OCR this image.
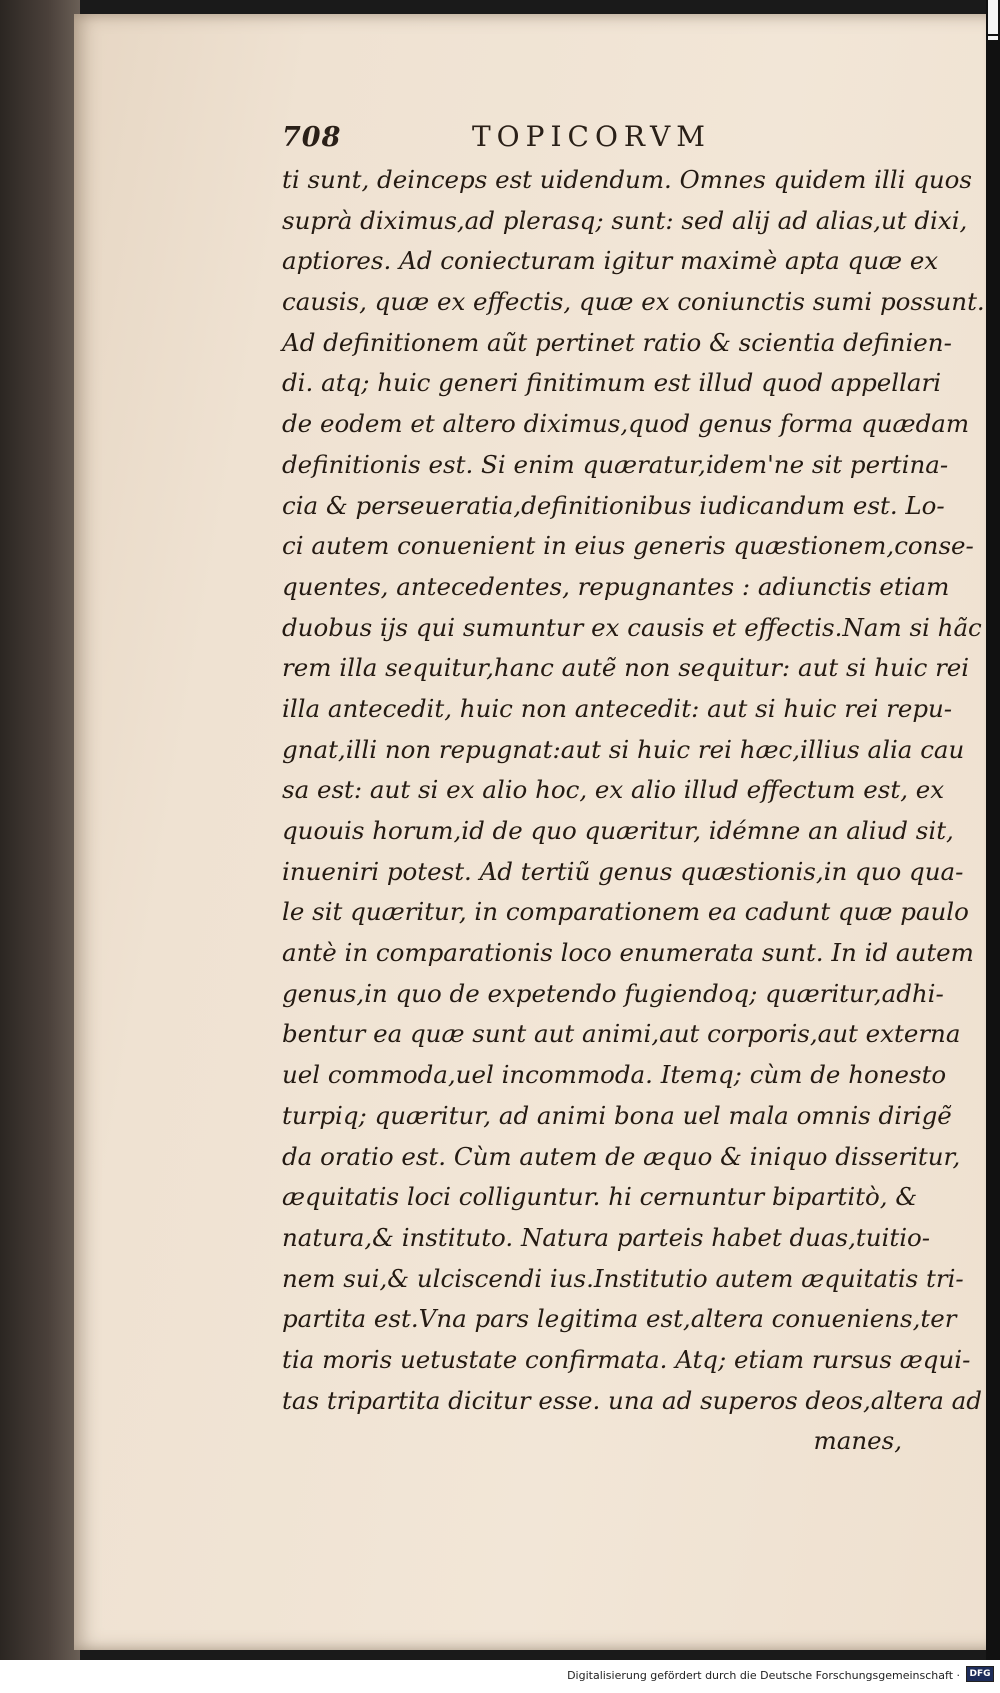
708	TOPICORVM
ti sunt, deinceps est uidendum. Omnes quidem illi quos
suprà diximus,ad plerasq; sunt: sed alij ad alias,ut dixi,
aptiores. Ad coniecturam igitur maximè apta quæ ex
causis, quæ ex effectis, quæ ex coniunctis sumi possunt.
Ad definitionem aũt pertinet ratio & scientia definien-
di. atq; huic generi finitimum est illud quod appellari
de eodem et altero diximus,quod genus forma quædam
definitionis est. Si enim quæratur,idem'ne sit pertina-
cia & perseueratia,definitionibus iudicandum est. Lo-
ci autem conuenient in eius generis quæstionem,conse-
quentes, antecedentes, repugnantes : adiunctis etiam
duobus ijs qui sumuntur ex causis et effectis.Nam si hãc
rem illa sequitur,hanc autẽ non sequitur: aut si huic rei
illa antecedit, huic non antecedit: aut si huic rei repu-
gnat,illi non repugnat:aut si huic rei hæc,illius alia cau
sa est: aut si ex alio hoc, ex alio illud effectum est, ex
quouis horum,id de quo quæritur, idémne an aliud sit,
inueniri potest. Ad tertiũ genus quæstionis,in quo qua-
le sit quæritur, in comparationem ea cadunt quæ paulo
antè in comparationis loco enumerata sunt. In id autem
genus,in quo de expetendo fugiendoq; quæritur,adhi-
bentur ea quæ sunt aut animi,aut corporis,aut externa
uel commoda,uel incommoda. Itemq; cùm de honesto
turpiq; quæritur, ad animi bona uel mala omnis dirigẽ
da oratio est. Cùm autem de æquo & iniquo disseritur,
æquitatis loci colliguntur. hi cernuntur bipartitò, &
natura,& instituto. Natura parteis habet duas,tuitio-
nem sui,& ulciscendi ius.Institutio autem æquitatis tri-
partita est.Vna pars legitima est,altera conueniens,ter
tia moris uetustate confirmata. Atq; etiam rursus æqui-
tas tripartita dicitur esse. una ad superos deos,altera ad
manes,
Digitalisierung gefördert durch die Deutsche Forschungsgemeinschaft ·	DFG
